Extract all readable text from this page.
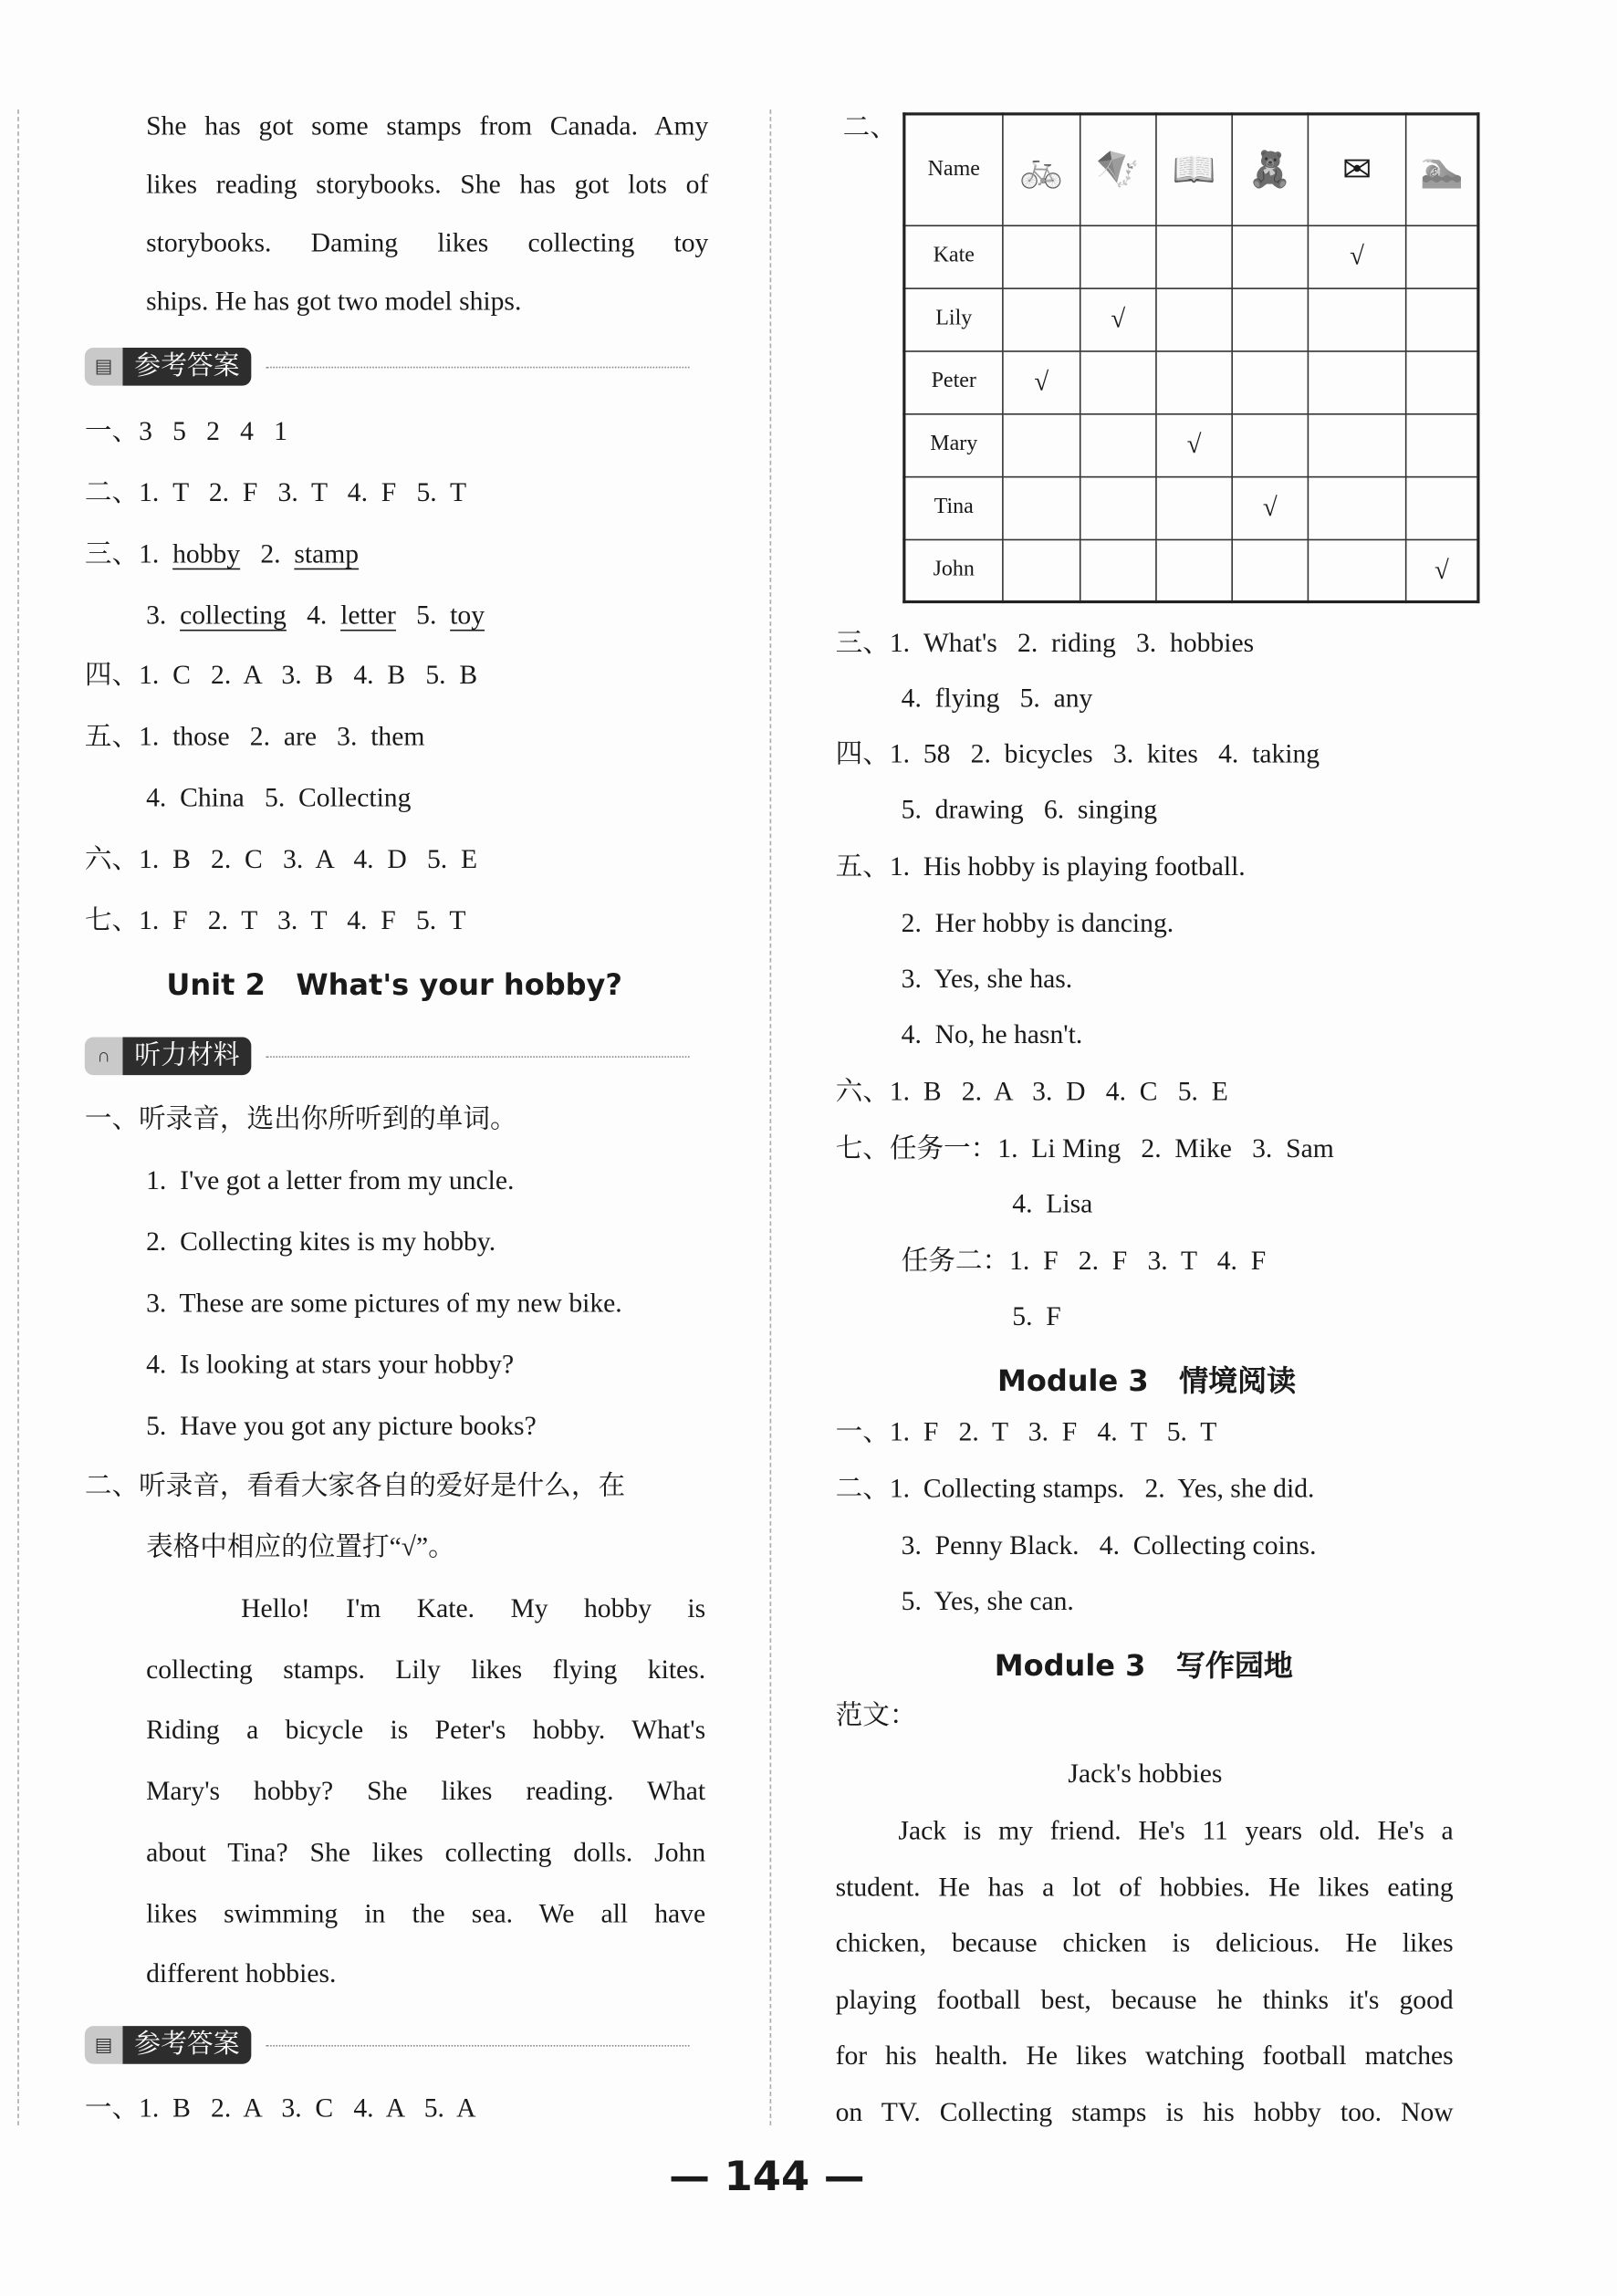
— 144 —
She has got some stamps from Canada. Amy
likes reading storybooks. She has got lots of
storybooks. Daming likes collecting toy
ships. He has got two model ships.
▤	参考答案
一、3   5   2   4   1
二、1.  T   2.  F   3.  T   4.  F   5.  T
三、1.  hobby   2.  stamp
3.  collecting   4.  letter   5.  toy
四、1.  C   2.  A   3.  B   4.  B   5.  B
五、1.  those   2.  are   3.  them
4.  China   5.  Collecting
六、1.  B   2.  C   3.  A   4.  D   5.  E
七、1.  F   2.  T   3.  T   4.  F   5.  T
Unit 2   What's your hobby?
∩	听力材料
一、听录音，选出你所听到的单词。
1.  I've got a letter from my uncle.
2.  Collecting kites is my hobby.
3.  These are some pictures of my new bike.
4.  Is looking at stars your hobby?
5.  Have you got any picture books?
二、听录音，看看大家各自的爱好是什么，在
表格中相应的位置打“√”。
Hello! I'm Kate. My hobby is
collecting stamps. Lily likes flying kites.
Riding a bicycle is Peter's hobby. What's
Mary's hobby? She likes reading. What
about Tina? She likes collecting dolls. John
likes swimming in the sea. We all have
different hobbies.
▤	参考答案
一、1.  B   2.  A   3.  C   4.  A   5.  A
二、
Name	🚲	🪁	📖	🧸	✉	🏊
Kate					√	
Lily		√				
Peter	√					
Mary			√			
Tina				√		
John						√
三、1.  What's   2.  riding   3.  hobbies
4.  flying   5.  any
四、1.  58   2.  bicycles   3.  kites   4.  taking
5.  drawing   6.  singing
五、1.  His hobby is playing football.
2.  Her hobby is dancing.
3.  Yes, she has.
4.  No, he hasn't.
六、1.  B   2.  A   3.  D   4.  C   5.  E
七、任务一：1.  Li Ming   2.  Mike   3.  Sam
4.  Lisa
任务二：1.  F   2.  F   3.  T   4.  F
5.  F
Module 3   情境阅读
一、1.  F   2.  T   3.  F   4.  T   5.  T
二、1.  Collecting stamps.   2.  Yes, she did.
3.  Penny Black.   4.  Collecting coins.
5.  Yes, she can.
Module 3   写作园地
范文：
Jack's hobbies
Jack is my friend. He's 11 years old. He's a
student. He has a lot of hobbies. He likes eating
chicken, because chicken is delicious. He likes
playing football best, because he thinks it's good
for his health. He likes watching football matches
on TV. Collecting stamps is his hobby too. Now
